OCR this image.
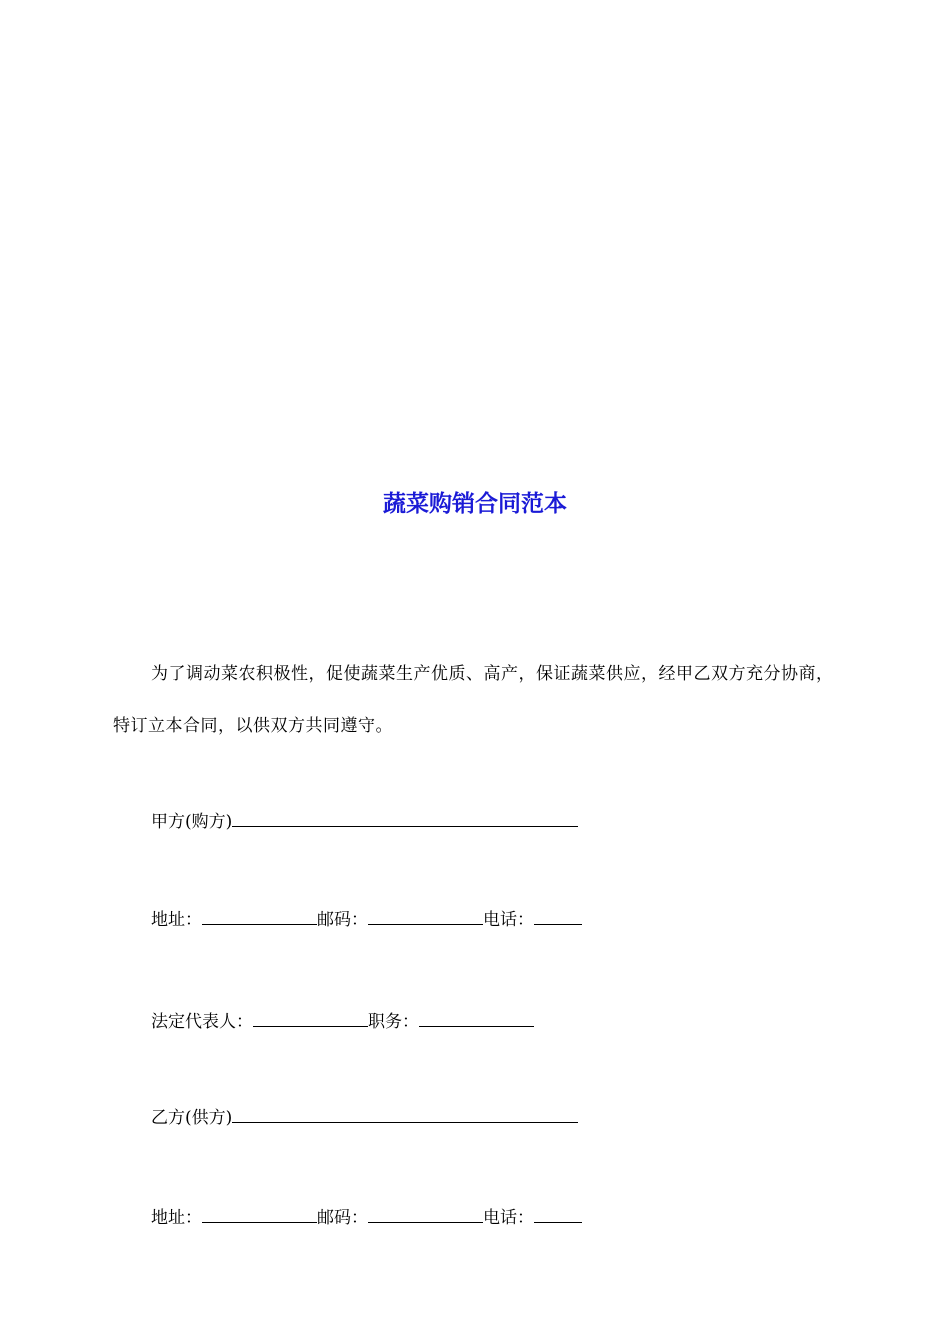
蔬菜购销合同范本
为了调动菜农积极性，促使蔬菜生产优质、高产，保证蔬菜供应，经甲乙双方充分协商，特订立本合同，以供双方共同遵守。
甲方(购方)
地址：	邮码：	电话：
法定代表人：	职务：
乙方(供方)
地址：	邮码：	电话：
